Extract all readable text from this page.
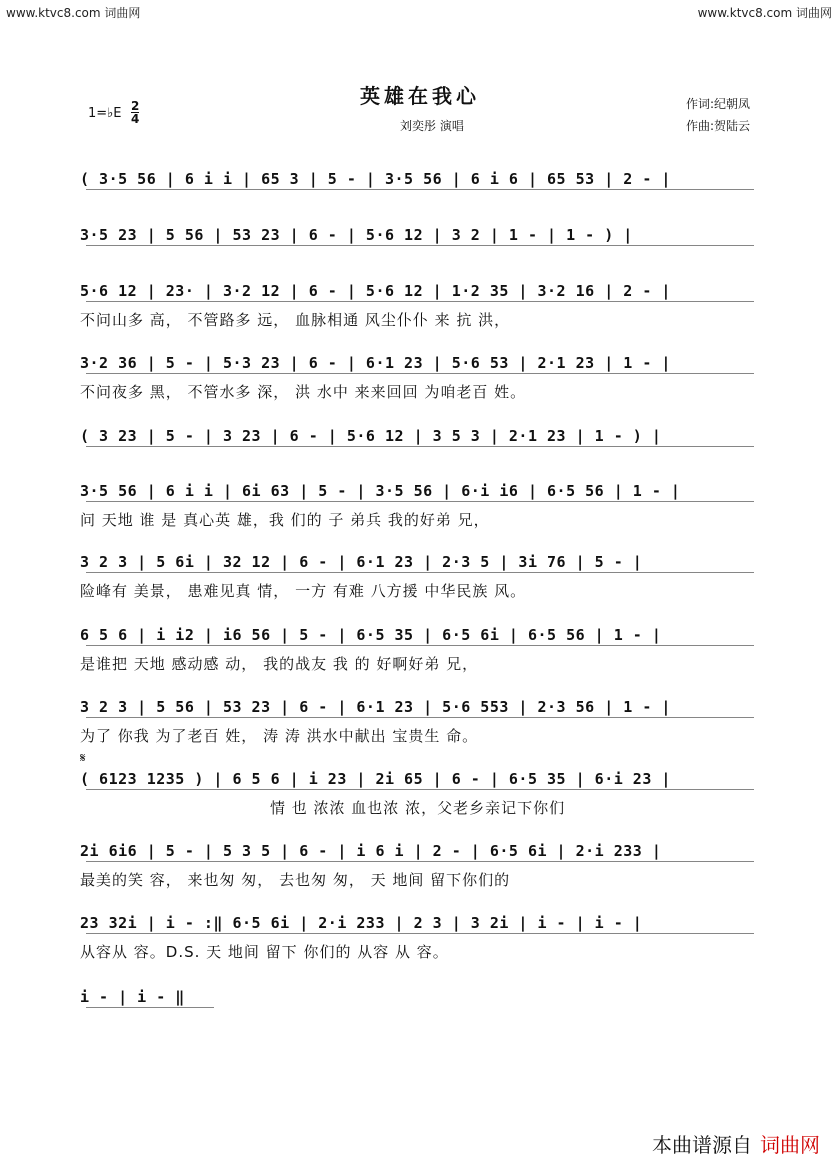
www.ktvc8.com 词曲网	www.ktvc8.com 词曲网
英雄在我心
1=♭E 2
4	刘奕彤 演唱
作词:纪朝凤
作曲:贺陆云
( 3·5 56 | 6 i i | 65 3 | 5 - | 3·5 56 | 6 i 6 | 65 53 | 2 - |
3·5 23 | 5 56 | 53 23 | 6 - | 5·6 12 | 3 2 | 1 - | 1 - ) |
5·6 12 | 23· | 3·2 12 | 6 - | 5·6 12 | 1·2 35 | 3·2 16 | 2 - |
不问山多 高， 不管路多 远， 血脉相通 风尘仆仆 来 抗 洪，
3·2 36 | 5 - | 5·3 23 | 6 - | 6·1 23 | 5·6 53 | 2·1 23 | 1 - |
不问夜多 黑， 不管水多 深， 洪 水中 来来回回 为咱老百 姓。
( 3 23 | 5 - | 3 23 | 6 - | 5·6 12 | 3 5 3 | 2·1 23 | 1 - ) |
3·5 56 | 6 i i | 6i 63 | 5 - | 3·5 56 | 6·i i6 | 6·5 56 | 1 - |
问 天地 谁 是 真心英 雄，我 们的 子 弟兵 我的好弟 兄，
3 2 3 | 5 6i | 32 12 | 6 - | 6·1 23 | 2·3 5 | 3i 76 | 5 - |
险峰有 美景， 患难见真 情， 一方 有难 八方援 中华民族 风。
6 5 6 | i i2 | i6 56 | 5 - | 6·5 35 | 6·5 6i | 6·5 56 | 1 - |
是谁把 天地 感动感 动， 我的战友 我 的 好啊好弟 兄，
3 2 3 | 5 56 | 53 23 | 6 - | 6·1 23 | 5·6 553 | 2·3 56 | 1 - |
为了 你我 为了老百 姓， 涛 涛 洪水中献出 宝贵生 命。
𝄋
( 6123 1235 ) | 6 5 6 | i 23 | 2i 65 | 6 - | 6·5 35 | 6·i 23 |
情 也 浓浓 血也浓 浓，父老乡亲记下你们
2i 6i6 | 5 - | 5 3 5 | 6 - | i 6 i | 2 - | 6·5 6i | 2·i 233 |
最美的笑 容， 来也匆 匆， 去也匆 匆， 天 地间 留下你们的
23 32i | i - :‖ 6·5 6i | 2·i 233 | 2 3 | 3 2i | i - | i - |
从容从 容。D.S. 天 地间 留下 你们的 从容 从 容。
i - | i - ‖
本曲谱源自 词曲网
